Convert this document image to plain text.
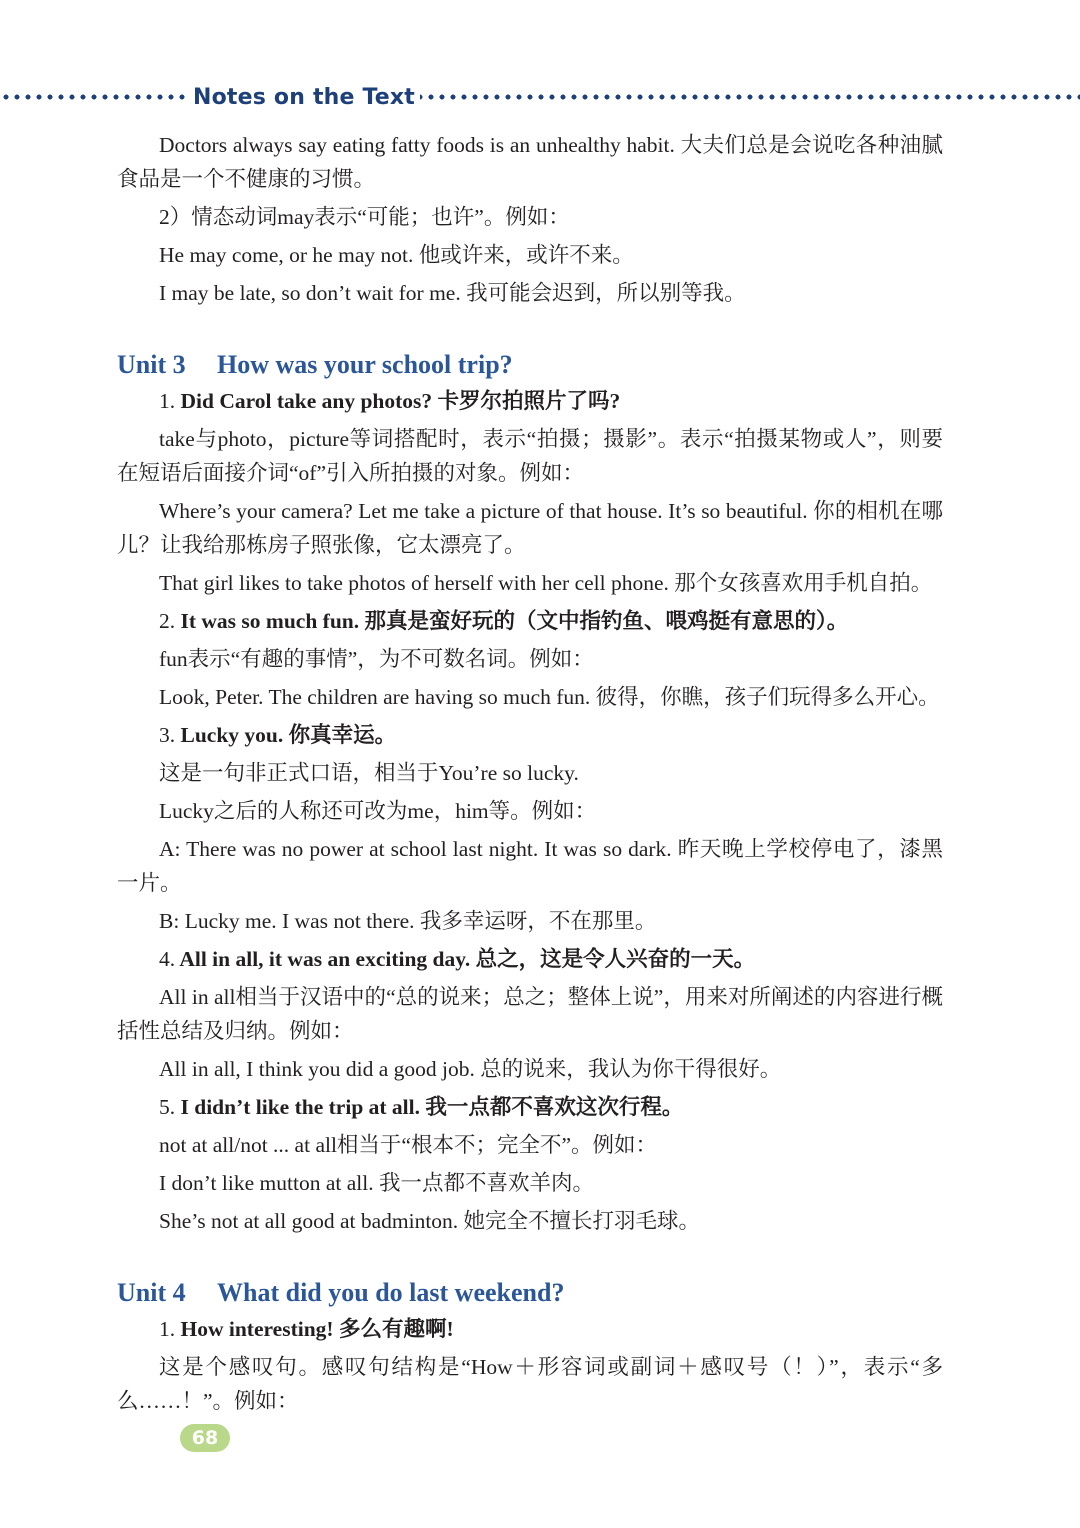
Notes on the Text

Doctors always say eating fatty foods is an unhealthy habit. 大夫们总是会说吃各种油腻食品是一个不健康的习惯。

2）情态动词may表示“可能；也许”。例如：

He may come, or he may not. 他或许来，或许不来。

I may be late, so don’t wait for me. 我可能会迟到，所以别等我。

Unit 3 How was your school trip?

1. Did Carol take any photos? 卡罗尔拍照片了吗?

take与photo，picture等词搭配时，表示“拍摄；摄影”。表示“拍摄某物或人”，则要在短语后面接介词“of”引入所拍摄的对象。例如：

Where’s your camera? Let me take a picture of that house. It’s so beautiful. 你的相机在哪儿？让我给那栋房子照张像，它太漂亮了。

That girl likes to take photos of herself with her cell phone. 那个女孩喜欢用手机自拍。

2. It was so much fun. 那真是蛮好玩的（文中指钓鱼、喂鸡挺有意思的）。

fun表示“有趣的事情”，为不可数名词。例如：

Look, Peter. The children are having so much fun. 彼得，你瞧，孩子们玩得多么开心。

3. Lucky you. 你真幸运。

这是一句非正式口语，相当于You’re so lucky.

Lucky之后的人称还可改为me，him等。例如：

A: There was no power at school last night. It was so dark. 昨天晚上学校停电了，漆黑一片。

B: Lucky me. I was not there. 我多幸运呀，不在那里。

4. All in all, it was an exciting day. 总之，这是令人兴奋的一天。

All in all相当于汉语中的“总的说来；总之；整体上说”，用来对所阐述的内容进行概括性总结及归纳。例如：

All in all, I think you did a good job. 总的说来，我认为你干得很好。

5. I didn’t like the trip at all. 我一点都不喜欢这次行程。

not at all/not ... at all相当于“根本不；完全不”。例如：

I don’t like mutton at all. 我一点都不喜欢羊肉。

She’s not at all good at badminton. 她完全不擅长打羽毛球。

Unit 4 What did you do last weekend?

1. How interesting! 多么有趣啊!

这是个感叹句。感叹句结构是“How＋形容词或副词＋感叹号（！）”，表示“多么……！”。例如：

68
